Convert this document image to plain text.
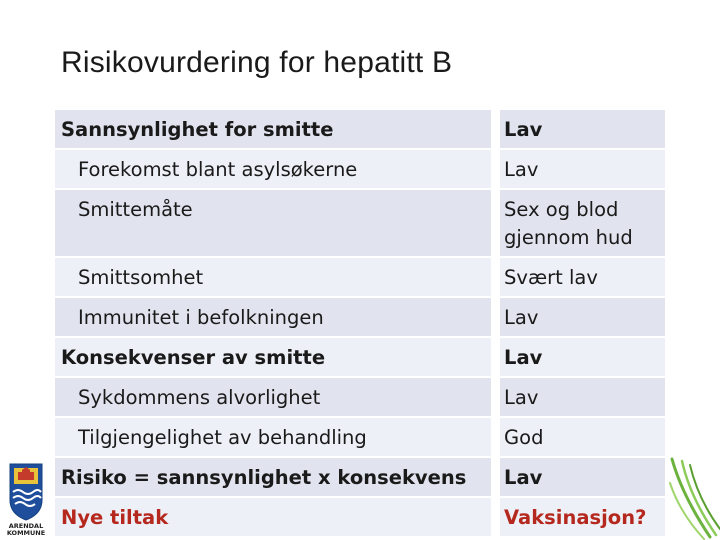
Risikovurdering for hepatitt B
Sannsynlighet for smitte		Lav
Forekomst blant asylsøkerne		Lav
Smittemåte		Sex og blod gjennom hud
Smittsomhet		Svært lav
Immunitet i befolkningen		Lav
Konsekvenser av smitte		Lav
Sykdommens alvorlighet		Lav
Tilgjengelighet av behandling		God
Risiko = sannsynlighet x konsekvens		Lav
Nye tiltak		Vaksinasjon?
ARENDAL
KOMMUNE
